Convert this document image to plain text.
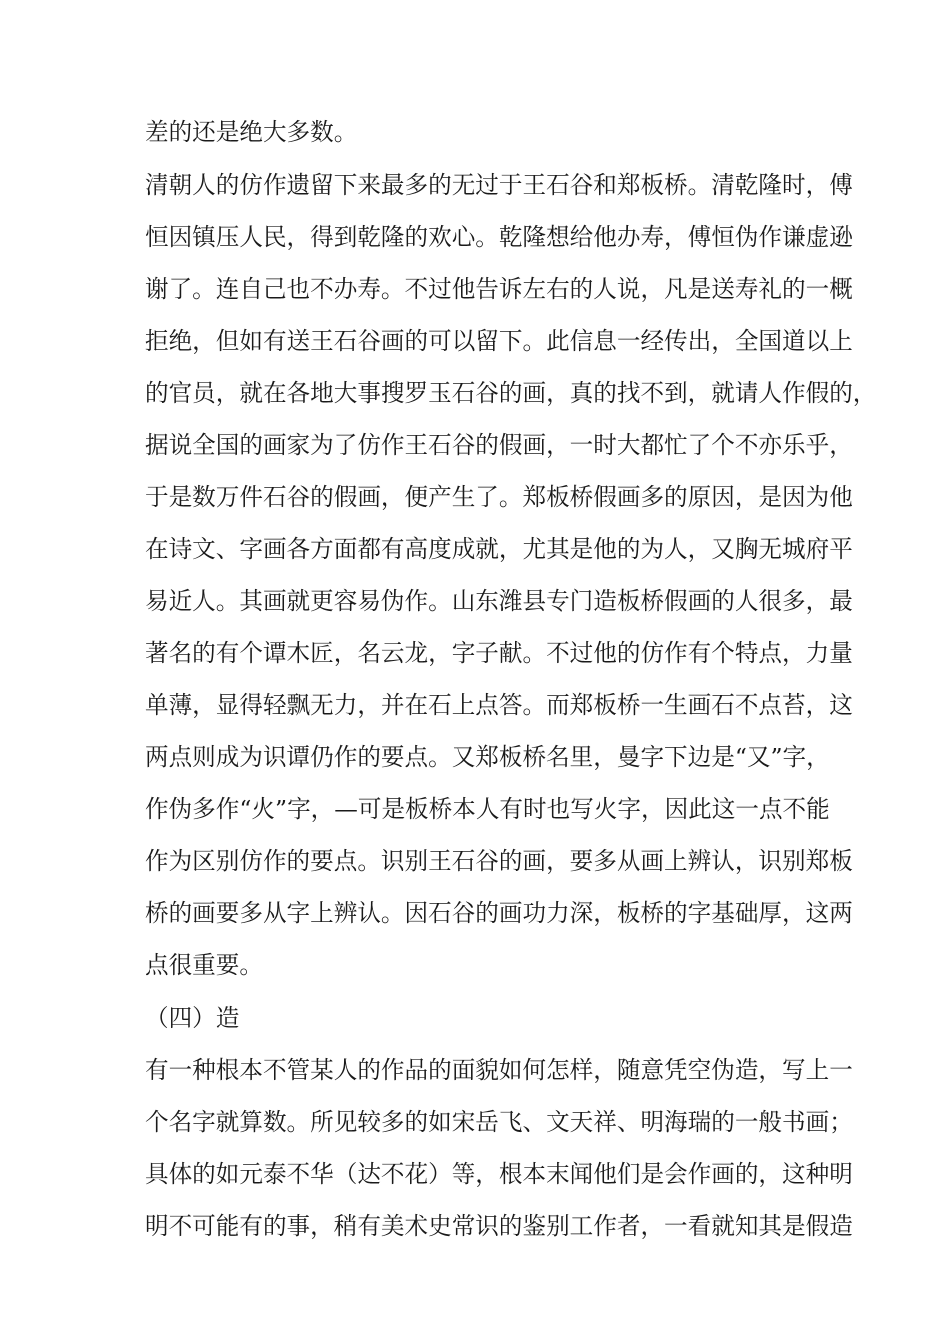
差的还是绝大多数。

清朝人的仿作遗留下来最多的无过于王石谷和郑板桥。清乾隆时，傅

恒因镇压人民，得到乾隆的欢心。乾隆想给他办寿，傅恒伪作谦虚逊

谢了。连自己也不办寿。不过他告诉左右的人说，凡是送寿礼的一概

拒绝，但如有送王石谷画的可以留下。此信息一经传出，全国道以上

的官员，就在各地大事搜罗玉石谷的画，真的找不到，就请人作假的，

据说全国的画家为了仿作王石谷的假画，一时大都忙了个不亦乐乎，

于是数万件石谷的假画，便产生了。郑板桥假画多的原因，是因为他

在诗文、字画各方面都有高度成就，尤其是他的为人，又胸无城府平

易近人。其画就更容易伪作。山东潍县专门造板桥假画的人很多，最

著名的有个谭木匠，名云龙，字子献。不过他的仿作有个特点，力量

单薄，显得轻飘无力，并在石上点答。而郑板桥一生画石不点苔，这

两点则成为识谭仍作的要点。又郑板桥名里，曼字下边是“又”字，

作伪多作“火”字，—可是板桥本人有时也写火字，因此这一点不能

作为区别仿作的要点。识别王石谷的画，要多从画上辨认，识别郑板

桥的画要多从字上辨认。因石谷的画功力深，板桥的字基础厚，这两

点很重要。

（四）造

有一种根本不管某人的作品的面貌如何怎样，随意凭空伪造，写上一

个名字就算数。所见较多的如宋岳飞、文天祥、明海瑞的一般书画；

具体的如元泰不华（达不花）等，根本末闻他们是会作画的，这种明

明不可能有的事，稍有美术史常识的鉴别工作者，一看就知其是假造
